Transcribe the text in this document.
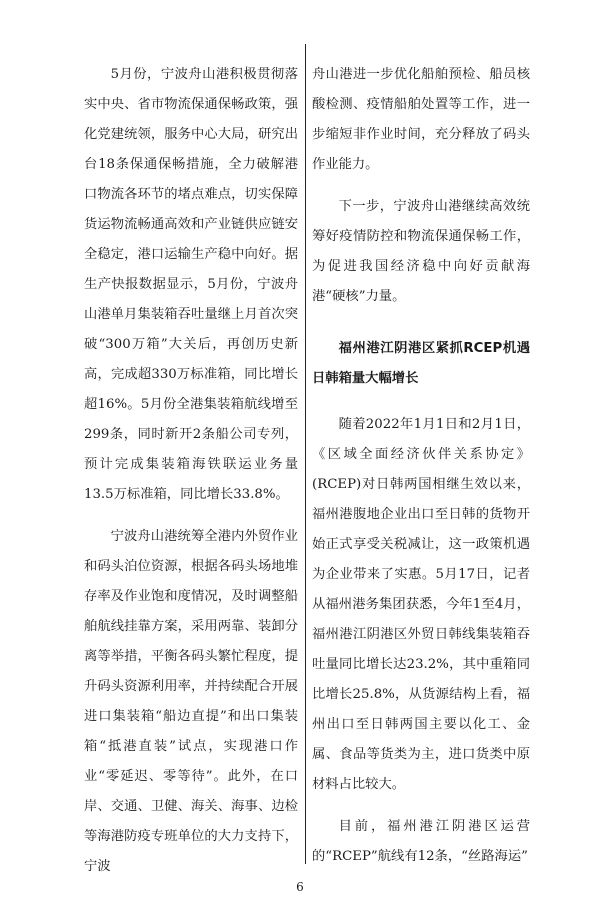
5月份，宁波舟山港积极贯彻落实中央、省市物流保通保畅政策，强化党建统领，服务中心大局，研究出台18条保通保畅措施，全力破解港口物流各环节的堵点难点，切实保障货运物流畅通高效和产业链供应链安全稳定，港口运输生产稳中向好。据生产快报数据显示，5月份，宁波舟山港单月集装箱吞吐量继上月首次突破“300万箱”大关后，再创历史新高，完成超330万标准箱，同比增长超16%。5月份全港集装箱航线增至299条，同时新开2条船公司专列，预计完成集装箱海铁联运业务量13.5万标准箱，同比增长33.8%。

宁波舟山港统筹全港内外贸作业和码头泊位资源，根据各码头场地堆存率及作业饱和度情况，及时调整船舶航线挂靠方案，采用两靠、装卸分离等举措，平衡各码头繁忙程度，提升码头资源利用率，并持续配合开展进口集装箱“船边直提”和出口集装箱“抵港直装”试点，实现港口作业“零延迟、零等待”。此外，在口岸、交通、卫健、海关、海事、边检等海港防疫专班单位的大力支持下，宁波

舟山港进一步优化船舶预检、船员核酸检测、疫情船舶处置等工作，进一步缩短非作业时间，充分释放了码头作业能力。

下一步，宁波舟山港继续高效统筹好疫情防控和物流保通保畅工作，为促进我国经济稳中向好贡献海港“硬核”力量。

福州港江阴港区紧抓RCEP机遇日韩箱量大幅增长

随着2022年1月1日和2月1日，《区域全面经济伙伴关系协定》(RCEP)对日韩两国相继生效以来，福州港腹地企业出口至日韩的货物开始正式享受关税减让，这一政策机遇为企业带来了实惠。5月17日，记者从福州港务集团获悉，今年1至4月，福州港江阴港区外贸日韩线集装箱吞吐量同比增长达23.2%，其中重箱同比增长25.8%，从货源结构上看，福州出口至日韩两国主要以化工、金属、食品等货类为主，进口货类中原材料占比较大。

目前，福州港江阴港区运营的“RCEP”航线有12条，“丝路海运”

6
